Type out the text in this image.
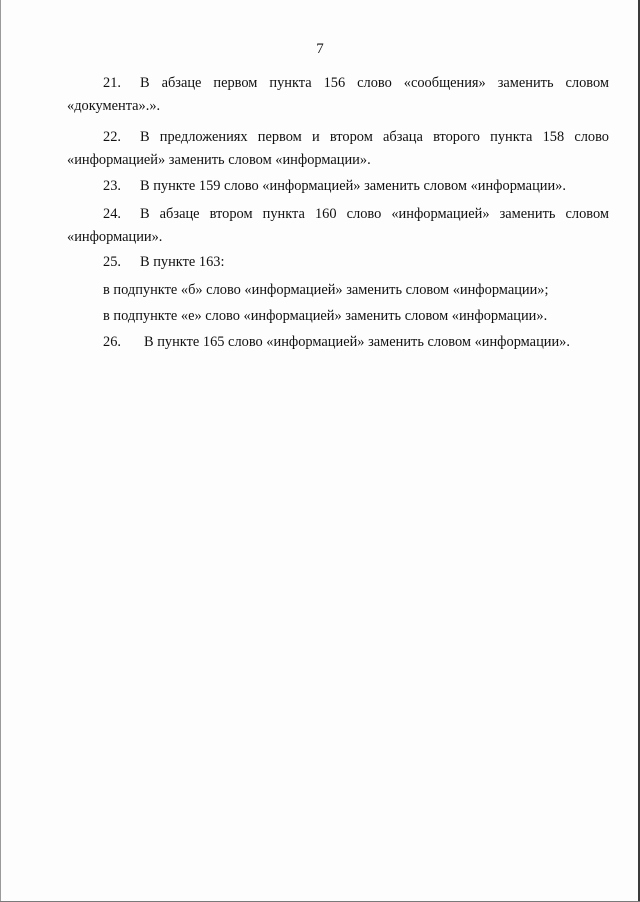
7
21. В абзаце первом пункта 156 слово «сообщения» заменить словом
«документа».».
22. В предложениях первом и втором абзаца второго пункта 158 слово
«информацией» заменить словом «информации».
23. В пункте 159 слово «информацией» заменить словом «информации».
24. В абзаце втором пункта 160 слово «информацией» заменить словом
«информации».
25. В пункте 163:
в подпункте «б» слово «информацией» заменить словом «информации»;
в подпункте «е» слово «информацией» заменить словом «информации».
26. В пункте 165 слово «информацией» заменить словом «информации».
